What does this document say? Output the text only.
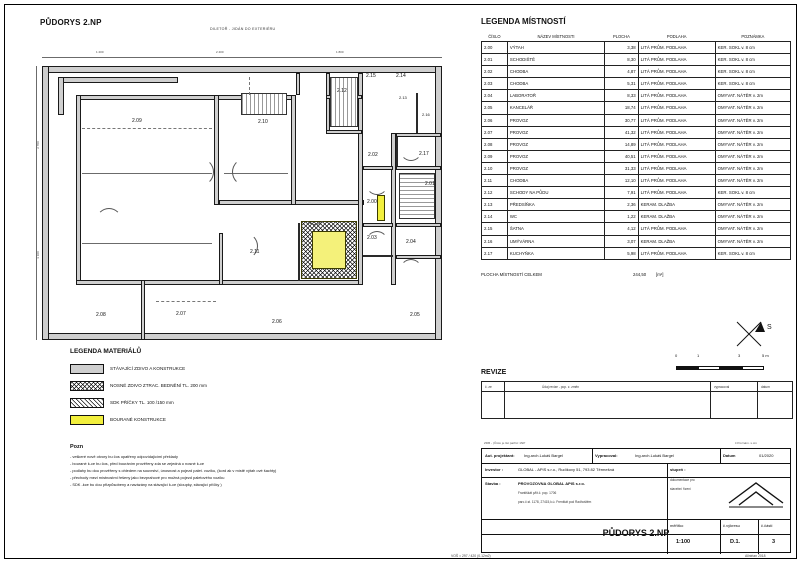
PŮDORYS 2.NP
DILETOŘ - JIDÁN DO EXTERIÉRU
2.09	2.10
2.12
2.15	2.14
2.02	2.17
2.01
2.00
2.03
2.04
2.11
2.08	2.07
2.06
2.05
2.13
2.16
1 200	2 400	1 800
2 700
3 100
LEGENDA MATERIÁLŮ
STÁVAJÍCÍ ZDIVO A KONSTRUKCE
NOSNÉ ZDIVO ZTRAC. BEDNĚNÍ TL. 200 mm
SDK PŘÍČKY TL. 100 /150 mm
BOURANÉ KONSTRUKCE
Pozn
- veškeré nově otvory bu čos opatřeny odpovídajícími překlady
- bourané k-ce bu čos, před bouráním prověřeny zda se zejedná o nosné k-ce
- podlahy bu dou prověřeny s ohledem na souvrství, únosnost a pojezd palet. vozíku, (kord ak v místě výtah ové šachty)
- přechody mezi místnostmi řešeny jako bezprahové pro možná pojezd paletového vozíku
- SDK -kce bu dou přizpůsobeny a navázány na stávající k-ce (sloupky, stávající příčky )
LEGENDA MÍSTNOSTÍ
ČÍSLO	NÁZEV MÍSTNOSTI	PLOCHA	PODLAHA	POZNÁMKA
2.00	VÝTAH	3,38	LITÁ PRŮM. PODLAHA	KER. SOKL v. 8 cm
2.01	SCHODIŠTĚ	8,30	LITÁ PRŮM. PODLAHA	KER. SOKL v. 8 cm
2.02	CHODBA	4,87	LITÁ PRŮM. PODLAHA	KER. SOKL v. 8 cm
2.03	CHODBA	5,31	LITÁ PRŮM. PODLAHA	KER. SOKL v. 8 cm
2.04	LABORATOŘ	8,33	LITÁ PRŮM. PODLAHA	OMYVAT. NÁTĚR v. 2m
2.05	KANCELÁŘ	18,74	LITÁ PRŮM. PODLAHA	OMYVAT. NÁTĚR v. 2m
2.06	PROVOZ	30,77	LITÁ PRŮM. PODLAHA	OMYVAT. NÁTĚR v. 2m
2.07	PROVOZ	41,32	LITÁ PRŮM. PODLAHA	OMYVAT. NÁTĚR v. 2m
2.08	PROVOZ	14,89	LITÁ PRŮM. PODLAHA	OMYVAT. NÁTĚR v. 2m
2.09	PROVOZ	40,51	LITÁ PRŮM. PODLAHA	OMYVAT. NÁTĚR v. 2m
2.10	PROVOZ	31,33	LITÁ PRŮM. PODLAHA	OMYVAT. NÁTĚR v. 2m
2.11	CHODBA	12,10	LITÁ PRŮM. PODLAHA	OMYVAT. NÁTĚR v. 2m
2.12	SCHODY NA PŮDU	7,91	LITÁ PRŮM. PODLAHA	KER. SOKL v. 8 cm
2.13	PŘEDSÍŇKA	2,36	KERAM. DLAŽBA	OMYVAT. NÁTĚR v. 2m
2.14	WC	1,22	KERAM. DLAŽBA	OMYVAT. NÁTĚR v. 2m
2.15	ŠATNA	4,12	LITÁ PRŮM. PODLAHA	OMYVAT. NÁTĚR v. 2m
2.16	UMÝVÁRNA	3,07	KERAM. DLAŽBA	OMYVAT. NÁTĚR v. 2m
2.17	KUCHYŇKA	5,98	LITÁ PRŮM. PODLAHA	KER. SOKL v. 8 cm
PLOCHA MÍSTNOSTÍ CELKEM	244,50 [m²]
S
0	1	3	5 m
REVIZE
č. ze	Údaj revize - pop. z. změn	vypracoval	datum
ZDB - (Číslo je list patřící 1NP	č.Poznám. s.cm
Aut. projektant: Ing.arch.Lukáš Bargel	Vypracoval:	Ing.arch.Lukáš Bargel	Datum	01/2020
Investor :	GLOBAL - APIS s.r.o., Rudíkovy 51, 793 82 Těrmešná
Stavba :	PROVOZOVNA GLOBAL APIS s.r.o.
Františkát p/lit.č. pop. 1706
parc.č.st. 1178, 27415,k.ú. Frenštát pod Radhoštěm
stupeň :
dokumentace pro
stavební řízení
měřítko	č.výkresu	č.části
1:100	D.1.	3
PŮDORYS 2.NP
VOŠ = 297 / 420 (0.12m2)	Allnirian 2018
